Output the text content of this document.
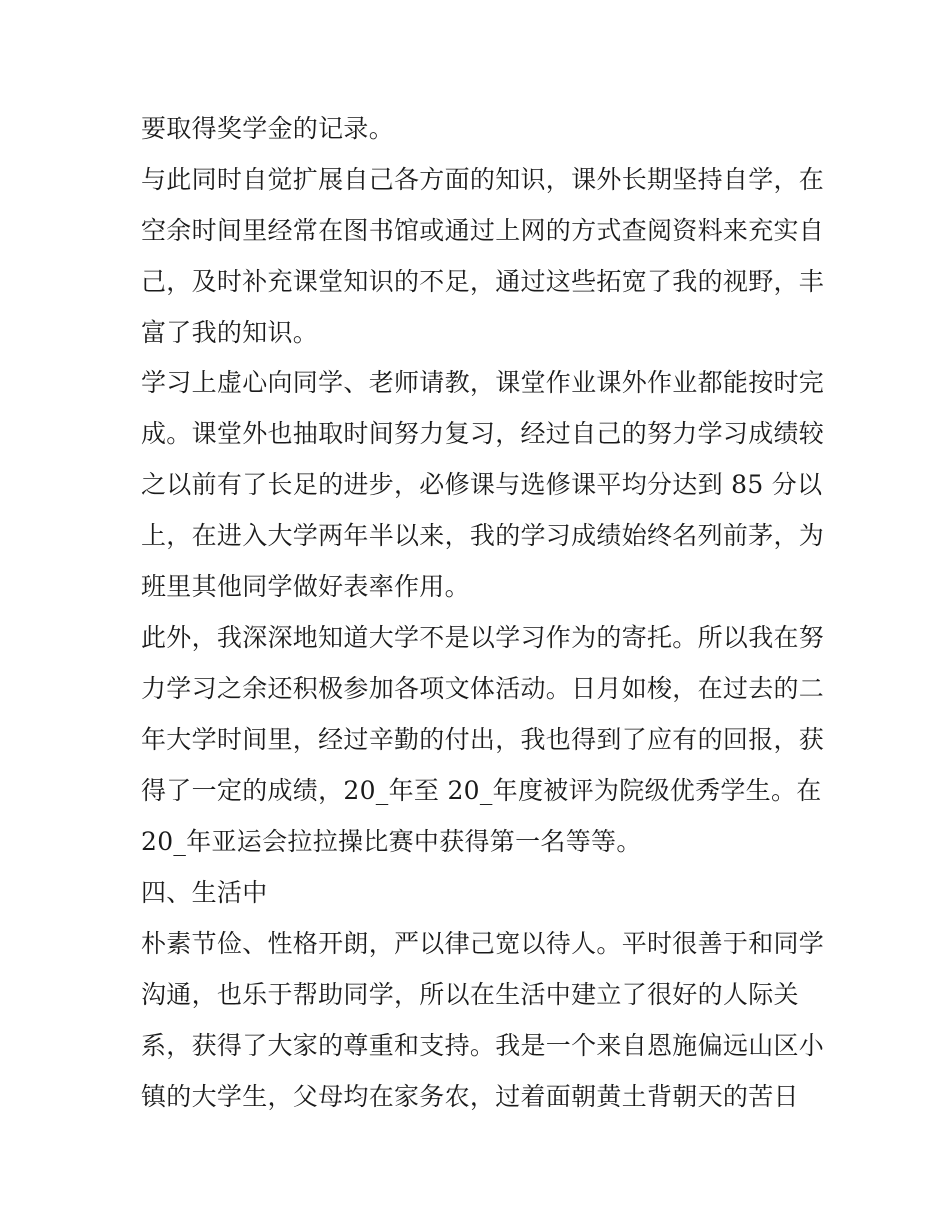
要取得奖学金的记录。
与此同时自觉扩展自己各方面的知识，课外长期坚持自学，在
空余时间里经常在图书馆或通过上网的方式查阅资料来充实自
己，及时补充课堂知识的不足，通过这些拓宽了我的视野，丰
富了我的知识。
学习上虚心向同学、老师请教，课堂作业课外作业都能按时完
成。课堂外也抽取时间努力复习，经过自己的努力学习成绩较
之以前有了长足的进步，必修课与选修课平均分达到 85 分以
上，在进入大学两年半以来，我的学习成绩始终名列前茅，为
班里其他同学做好表率作用。
此外，我深深地知道大学不是以学习作为的寄托。所以我在努
力学习之余还积极参加各项文体活动。日月如梭，在过去的二
年大学时间里，经过辛勤的付出，我也得到了应有的回报，获
得了一定的成绩，20_年至 20_年度被评为院级优秀学生。在
20_年亚运会拉拉操比赛中获得第一名等等。
四、生活中
朴素节俭、性格开朗，严以律己宽以待人。平时很善于和同学
沟通，也乐于帮助同学，所以在生活中建立了很好的人际关
系，获得了大家的尊重和支持。我是一个来自恩施偏远山区小
镇的大学生，父母均在家务农，过着面朝黄土背朝天的苦日
